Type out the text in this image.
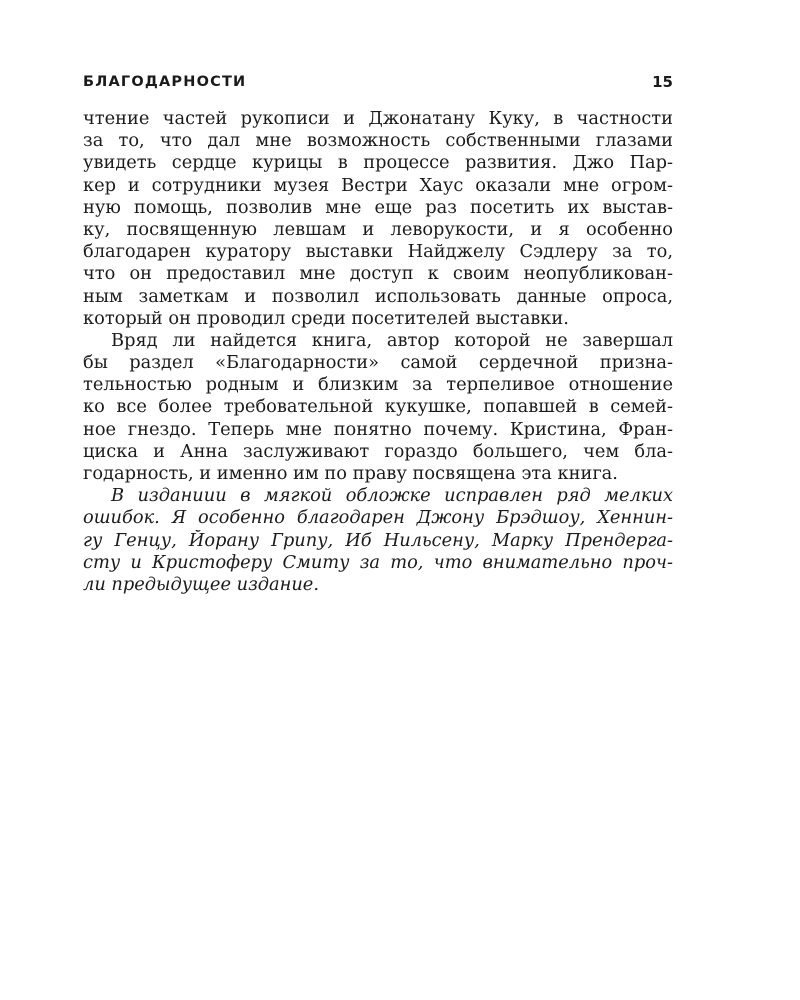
БЛАГОДАРНОСТИ	15
чтение частей рукописи и Джонатану Куку, в частности
за то, что дал мне возможность собственными глазами
увидеть сердце курицы в процессе развития. Джо Пар-
кер и сотрудники музея Вестри Хаус оказали мне огром-
ную помощь, позволив мне еще раз посетить их выстав-
ку, посвященную левшам и леворукости, и я особенно
благодарен куратору выставки Найджелу Сэдлеру за то,
что он предоставил мне доступ к своим неопубликован-
ным заметкам и позволил использовать данные опроса,
который он проводил среди посетителей выставки.
Вряд ли найдется книга, автор которой не завершал
бы раздел «Благодарности» самой сердечной призна-
тельностью родным и близким за терпеливое отношение
ко все более требовательной кукушке, попавшей в семей-
ное гнездо. Теперь мне понятно почему. Кристина, Фран-
циска и Анна заслуживают гораздо большего, чем бла-
годарность, и именно им по праву посвящена эта книга.
В изданиии в мягкой обложке исправлен ряд мелких
ошибок. Я особенно благодарен Джону Брэдшоу, Хеннин-
гу Генцу, Йорану Грипу, Иб Нильсену, Марку Прендерга-
сту и Кристоферу Смиту за то, что внимательно проч-
ли предыдущее издание.
